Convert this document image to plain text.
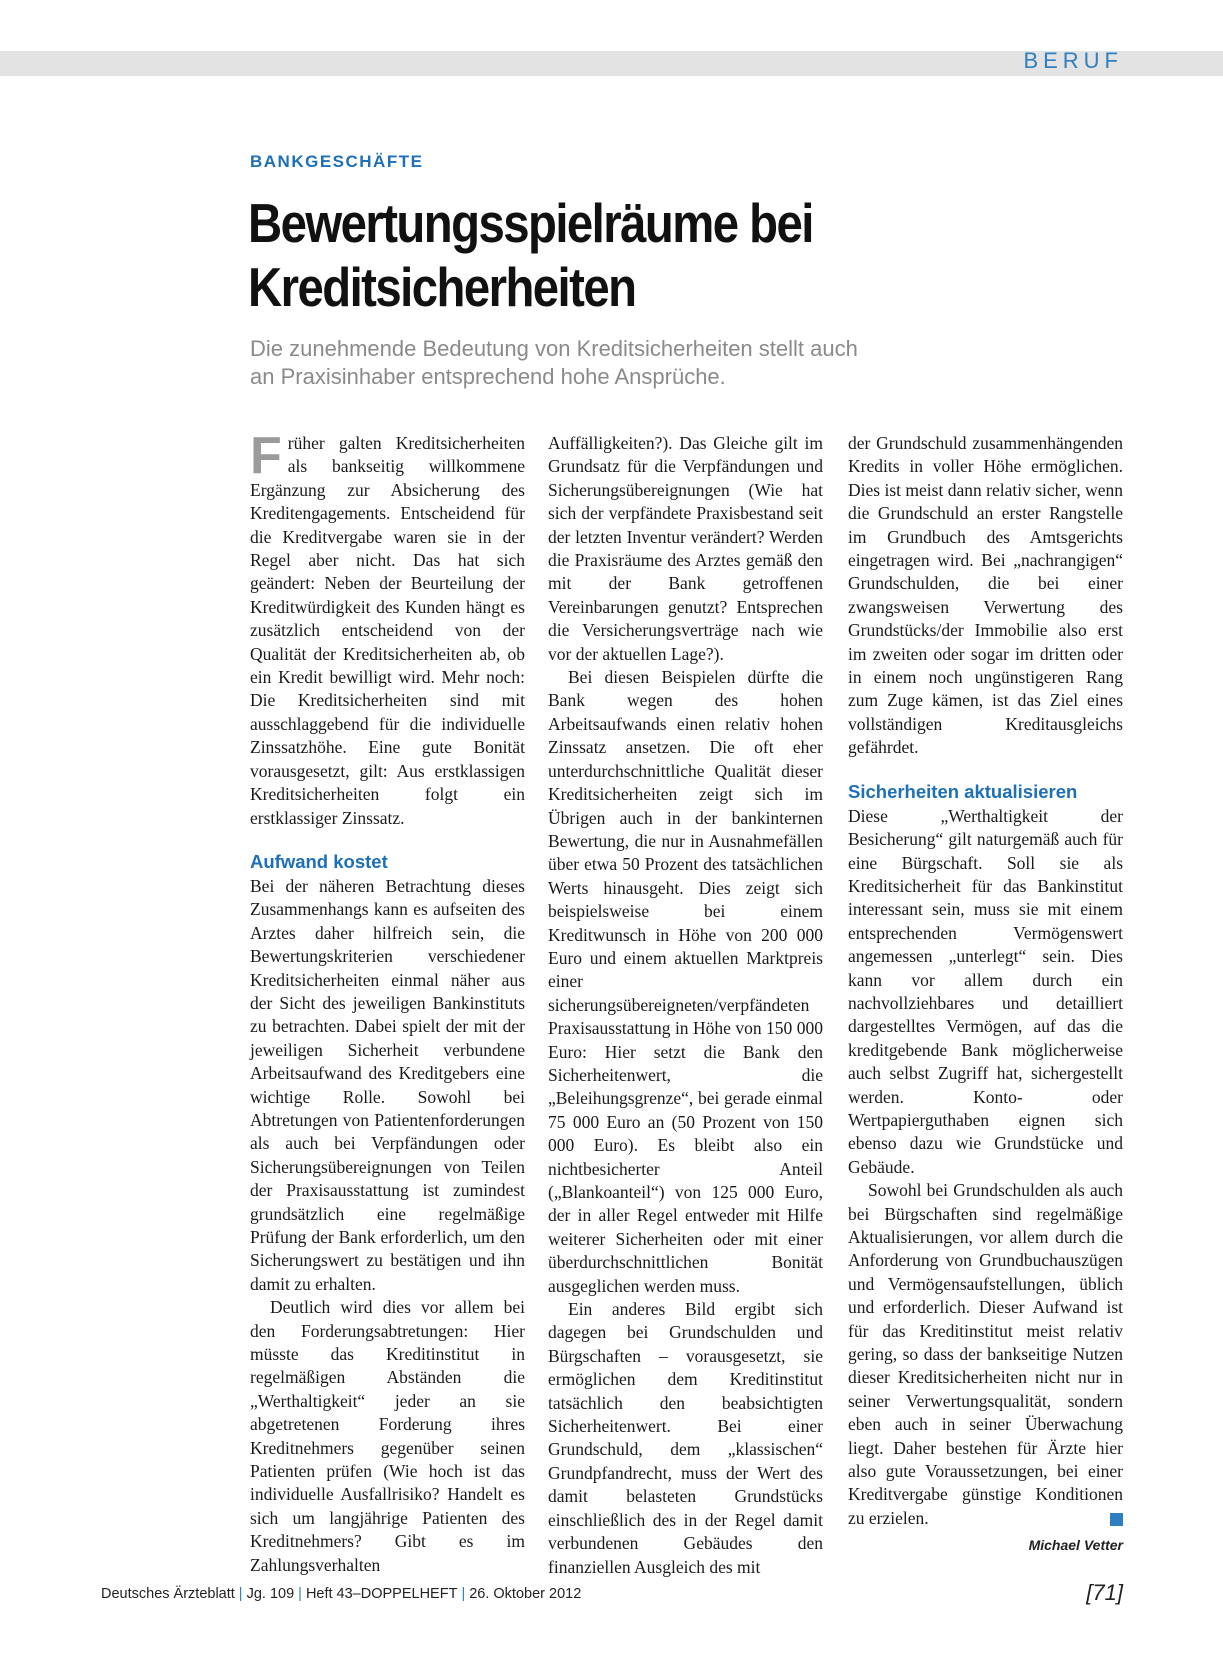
BERUF
BANKGESCHÄFTE
Bewertungsspielräume bei
Kreditsicherheiten
Die zunehmende Bedeutung von Kreditsicherheiten stellt auch
an Praxisinhaber entsprechend hohe Ansprüche.

Früher galten Kreditsicherheiten als bankseitig willkommene Ergänzung zur Absicherung des Kreditengagements. Entscheidend für die Kreditvergabe waren sie in der Regel aber nicht. Das hat sich geändert: Neben der Beurteilung der Kreditwürdigkeit des Kunden hängt es zusätzlich entscheidend von der Qualität der Kreditsicherheiten ab, ob ein Kredit bewilligt wird. Mehr noch: Die Kreditsicherheiten sind mit ausschlaggebend für die individuelle Zinssatzhöhe. Eine gute Bonität vorausgesetzt, gilt: Aus erstklassigen Kreditsicherheiten folgt ein erstklassiger Zinssatz.

Aufwand kostet

Bei der näheren Betrachtung dieses Zusammenhangs kann es aufseiten des Arztes daher hilfreich sein, die Bewertungskriterien verschiedener Kreditsicherheiten einmal näher aus der Sicht des jeweiligen Bankinstituts zu betrachten. Dabei spielt der mit der jeweiligen Sicherheit verbundene Arbeitsaufwand des Kreditgebers eine wichtige Rolle. Sowohl bei Abtretungen von Patientenforderungen als auch bei Verpfändungen oder Sicherungsübereignungen von Teilen der Praxisausstattung ist zumindest grundsätzlich eine regelmäßige Prüfung der Bank erforderlich, um den Sicherungswert zu bestätigen und ihn damit zu erhalten.

Deutlich wird dies vor allem bei den Forderungsabtretungen: Hier müsste das Kreditinstitut in regelmäßigen Abständen die „Werthaltigkeit“ jeder an sie abgetretenen Forderung ihres Kreditnehmers gegenüber seinen Patienten prüfen (Wie hoch ist das individuelle Ausfallrisiko? Handelt es sich um langjährige Patienten des Kreditnehmers? Gibt es im Zahlungsverhalten

Auffälligkeiten?). Das Gleiche gilt im Grundsatz für die Verpfändungen und Sicherungsübereignungen (Wie hat sich der verpfändete Praxisbestand seit der letzten Inventur verändert? Werden die Praxisräume des Arztes gemäß den mit der Bank getroffenen Vereinbarungen genutzt? Entsprechen die Versicherungsverträge nach wie vor der aktuellen Lage?).

Bei diesen Beispielen dürfte die Bank wegen des hohen Arbeitsaufwands einen relativ hohen Zinssatz ansetzen. Die oft eher unterdurchschnittliche Qualität dieser Kreditsicherheiten zeigt sich im Übrigen auch in der bankinternen Bewertung, die nur in Ausnahmefällen über etwa 50 Prozent des tatsächlichen Werts hinausgeht. Dies zeigt sich beispielsweise bei einem Kreditwunsch in Höhe von 200 000 Euro und einem aktuellen Marktpreis einer sicherungsübereigneten/verpfändeten Praxisausstattung in Höhe von 150 000 Euro: Hier setzt die Bank den Sicherheitenwert, die „Beleihungsgrenze“, bei gerade einmal 75 000 Euro an (50 Prozent von 150 000 Euro). Es bleibt also ein nichtbesicherter Anteil („Blankoanteil“) von 125 000 Euro, der in aller Regel entweder mit Hilfe weiterer Sicherheiten oder mit einer überdurchschnittlichen Bonität ausgeglichen werden muss.

Ein anderes Bild ergibt sich dagegen bei Grundschulden und Bürgschaften – vorausgesetzt, sie ermöglichen dem Kreditinstitut tatsächlich den beabsichtigten Sicherheitenwert. Bei einer Grundschuld, dem „klassischen“ Grundpfandrecht, muss der Wert des damit belasteten Grundstücks einschließlich des in der Regel damit verbundenen Gebäudes den finanziellen Ausgleich des mit

der Grundschuld zusammenhängenden Kredits in voller Höhe ermöglichen. Dies ist meist dann relativ sicher, wenn die Grundschuld an erster Rangstelle im Grundbuch des Amtsgerichts eingetragen wird. Bei „nachrangigen“ Grundschulden, die bei einer zwangsweisen Verwertung des Grundstücks/der Immobilie also erst im zweiten oder sogar im dritten oder in einem noch ungünstigeren Rang zum Zuge kämen, ist das Ziel eines vollständigen Kreditausgleichs gefährdet.

Sicherheiten aktualisieren

Diese „Werthaltigkeit der Besicherung“ gilt naturgemäß auch für eine Bürgschaft. Soll sie als Kreditsicherheit für das Bankinstitut interessant sein, muss sie mit einem entsprechenden Vermögenswert angemessen „unterlegt“ sein. Dies kann vor allem durch ein nachvollziehbares und detailliert dargestelltes Vermögen, auf das die kreditgebende Bank möglicherweise auch selbst Zugriff hat, sichergestellt werden. Konto- oder Wertpapierguthaben eignen sich ebenso dazu wie Grundstücke und Gebäude.

Sowohl bei Grundschulden als auch bei Bürgschaften sind regelmäßige Aktualisierungen, vor allem durch die Anforderung von Grundbuchauszügen und Vermögensaufstellungen, üblich und erforderlich. Dieser Aufwand ist für das Kreditinstitut meist relativ gering, so dass der bankseitige Nutzen dieser Kreditsicherheiten nicht nur in seiner Verwertungsqualität, sondern eben auch in seiner Überwachung liegt. Daher bestehen für Ärzte hier also gute Voraussetzungen, bei einer Kreditvergabe günstige Konditionen zu erzielen.

Michael Vetter
Deutsches Ärzteblatt | Jg. 109 | Heft 43–DOPPELHEFT | 26. Oktober 2012	[71]
